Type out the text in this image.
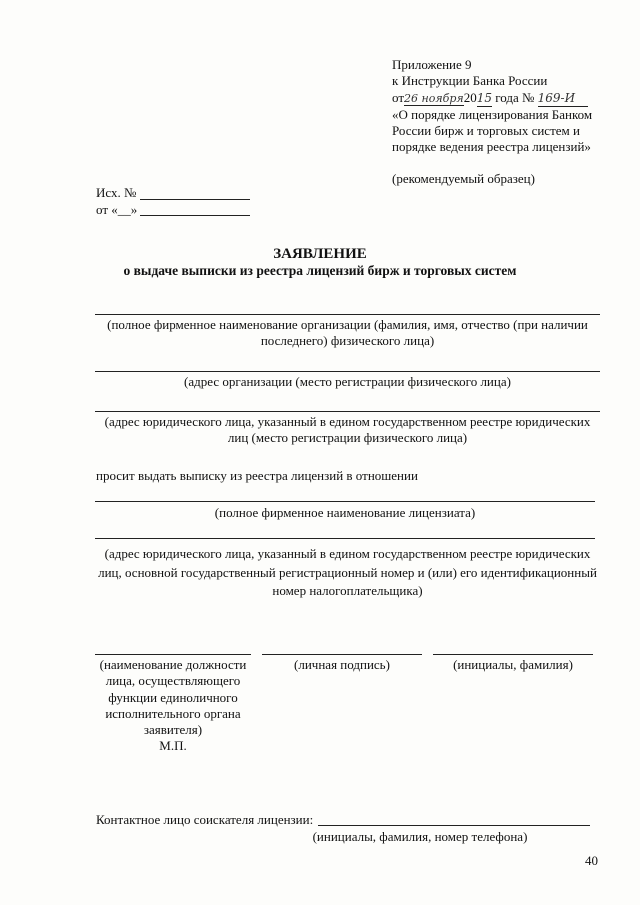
Приложение 9
к Инструкции Банка России
от26 ноября2015 года № 169-И
«О порядке лицензирования Банком
России бирж и торговых систем и
порядке ведения реестра лицензий»
(рекомендуемый образец)
Исх. №
от «__»
ЗАЯВЛЕНИЕ
о выдаче выписки из реестра лицензий бирж и торговых систем
(полное фирменное наименование организации (фамилия, имя, отчество (при наличии
последнего) физического лица)
(адрес организации (место регистрации физического лица)
(адрес юридического лица, указанный в едином государственном реестре юридических
лиц (место регистрации физического лица)
просит выдать выписку из реестра лицензий в отношении
(полное фирменное наименование лицензиата)
(адрес юридического лица, указанный в едином государственном реестре юридических
лиц, основной государственный регистрационный номер и (или) его идентификационный
номер налогоплательщика)
(наименование должности
лица, осуществляющего
функции единоличного
исполнительного органа
заявителя)
М.П.
(личная подпись)	(инициалы, фамилия)
Контактное лицо соискателя лицензии:
(инициалы, фамилия, номер телефона)
40
